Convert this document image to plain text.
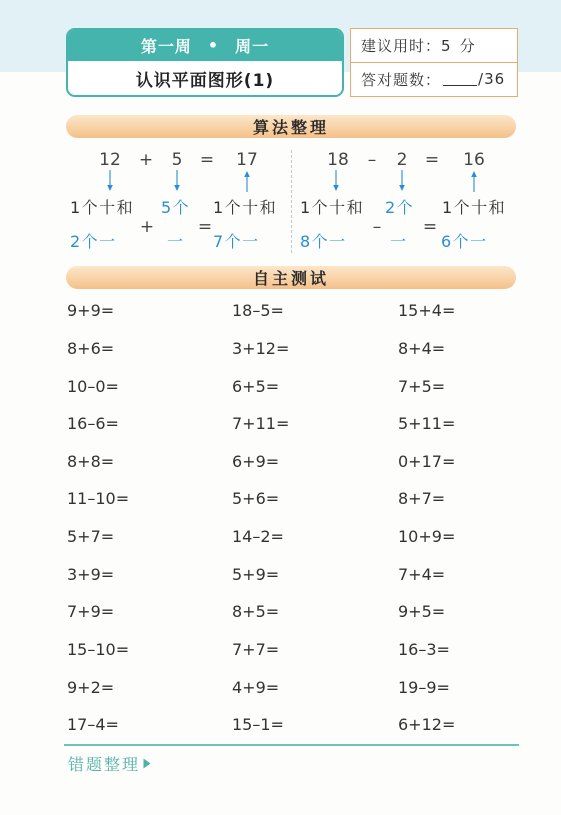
第一周 • 周一
认识平面图形(1)
建议用时： 5 分
答对题数： /36
算法整理
12 + 5 = 17
1个十和 5个 1个十和
+	=
2个一	一 7个一
18	–	2 = 16
1个十和 2个 1个十和
– =
8个一	一 6个一
自主测试
9+9=	18–5=	15+4=
8+6=	3+12=	8+4=
10–0=	6+5=	7+5=
16–6=	7+11=	5+11=
8+8=	6+9=	0+17=
11–10=	5+6=	8+7=
5+7=	14–2=	10+9=
3+9=	5+9=	7+4=
7+9=	8+5=	9+5=
15–10=	7+7=	16–3=
9+2=	4+9=	19–9=
17–4=	15–1=	6+12=
错题整理
